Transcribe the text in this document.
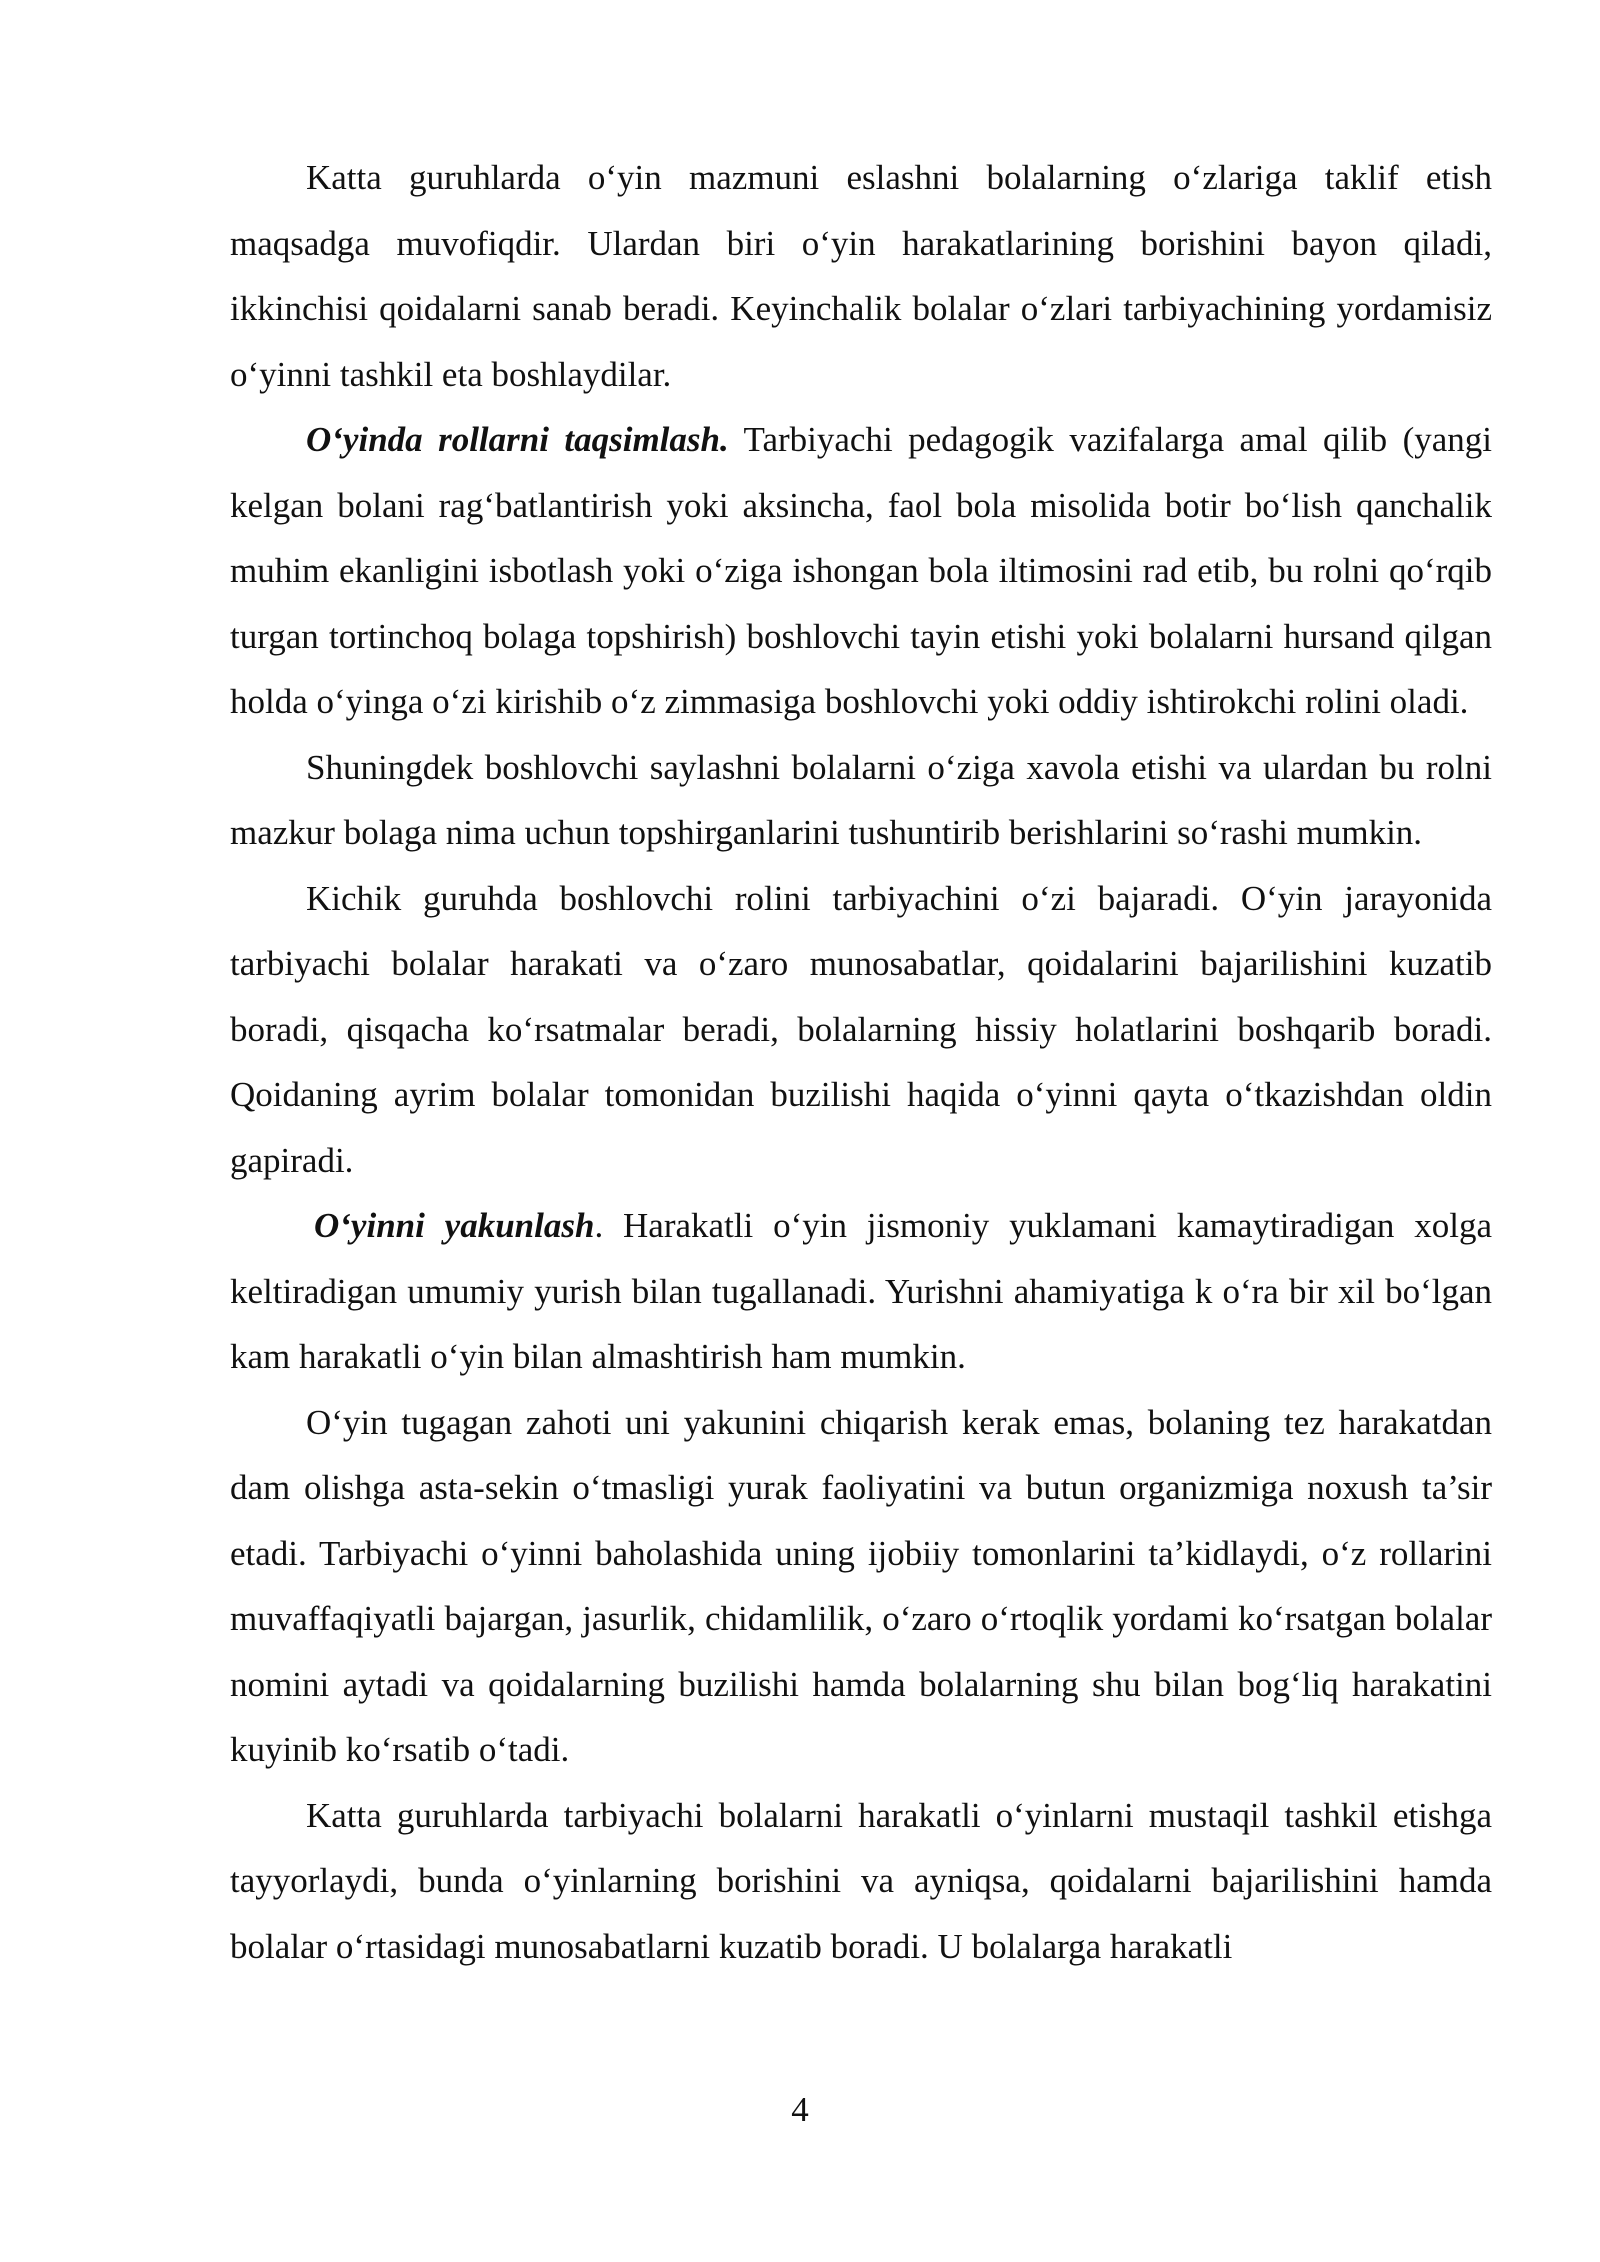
Katta guruhlarda o‘yin mazmuni eslashni bolalarning o‘zlariga taklif etish maqsadga muvofiqdir. Ulardan biri o‘yin harakatlarining borishini bayon qiladi, ikkinchisi qoidalarni sanab beradi. Keyinchalik bolalar o‘zlari tarbiyachining yordamisiz o‘yinni tashkil eta boshlaydilar.

O‘yinda rollarni taqsimlash. Tarbiyachi pedagogik vazifalarga amal qilib (yangi kelgan bolani rag‘batlantirish yoki aksincha, faol bola misolida botir bo‘lish qanchalik muhim ekanligini isbotlash yoki o‘ziga ishongan bola iltimosini rad etib, bu rolni qo‘rqib turgan tortinchoq bolaga topshirish) boshlovchi tayin etishi yoki bolalarni hursand qilgan holda o‘yinga o‘zi kirishib o‘z zimmasiga boshlovchi yoki oddiy ishtirokchi rolini oladi.

Shuningdek boshlovchi saylashni bolalarni o‘ziga xavola etishi va ulardan bu rolni mazkur bolaga nima uchun topshirganlarini tushuntirib berishlarini so‘rashi mumkin.

Kichik guruhda boshlovchi rolini tarbiyachini o‘zi bajaradi. O‘yin jarayonida tarbiyachi bolalar harakati va o‘zaro munosabatlar, qoidalarini bajarilishini kuzatib boradi, qisqacha ko‘rsatmalar beradi, bolalarning hissiy holatlarini boshqarib boradi. Qoidaning ayrim bolalar tomonidan buzilishi haqida o‘yinni qayta o‘tkazishdan oldin gapiradi.

O‘yinni yakunlash. Harakatli o‘yin jismoniy yuklamani kamaytiradigan xolga keltiradigan umumiy yurish bilan tugallanadi. Yurishni ahamiyatiga k o‘ra bir xil bo‘lgan kam harakatli o‘yin bilan almashtirish ham mumkin.

O‘yin tugagan zahoti uni yakunini chiqarish kerak emas, bolaning tez harakatdan dam olishga asta-sekin o‘tmasligi yurak faoliyatini va butun organizmiga noxush ta’sir etadi. Tarbiyachi o‘yinni baholashida uning ijobiiy tomonlarini ta’kidlaydi, o‘z rollarini muvaffaqiyatli bajargan, jasurlik, chidamlilik, o‘zaro o‘rtoqlik yordami ko‘rsatgan bolalar nomini aytadi va qoidalarning buzilishi hamda bolalarning shu bilan bog‘liq harakatini kuyinib ko‘rsatib o‘tadi.

Katta guruhlarda tarbiyachi bolalarni harakatli o‘yinlarni mustaqil tashkil etishga tayyorlaydi, bunda o‘yinlarning borishini va ayniqsa, qoidalarni bajarilishini hamda bolalar o‘rtasidagi munosabatlarni kuzatib boradi. U bolalarga harakatli

4
